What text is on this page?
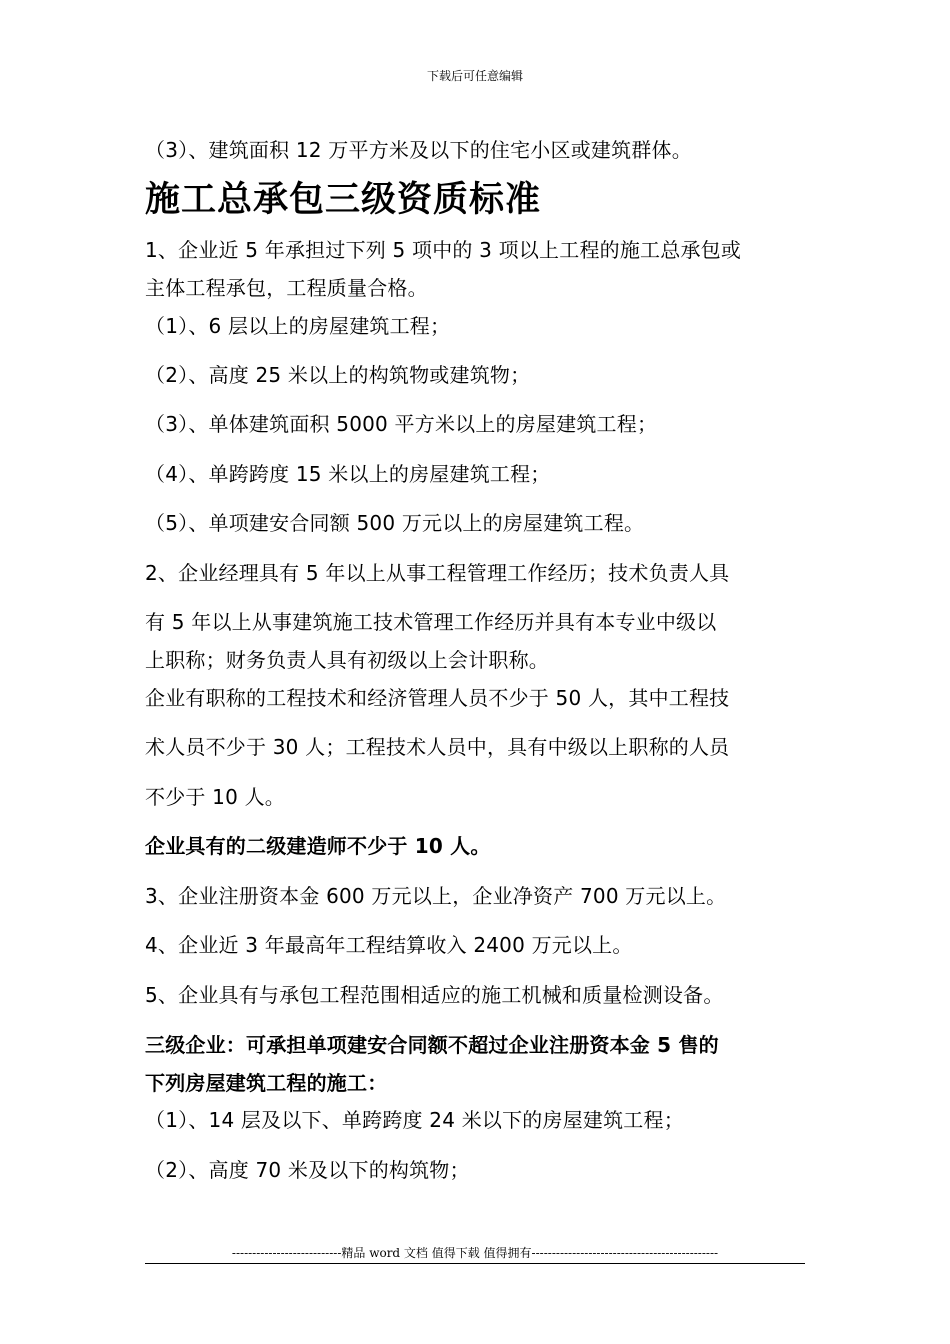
下载后可任意编辑
（3）、建筑面积 12 万平方米及以下的住宅小区或建筑群体。
施工总承包三级资质标准
1、企业近 5 年承担过下列 5 项中的 3 项以上工程的施工总承包或
主体工程承包，工程质量合格。
（1）、6 层以上的房屋建筑工程；
（2）、高度 25 米以上的构筑物或建筑物；
（3）、单体建筑面积 5000 平方米以上的房屋建筑工程；
（4）、单跨跨度 15 米以上的房屋建筑工程；
（5）、单项建安合同额 500 万元以上的房屋建筑工程。
2、企业经理具有 5 年以上从事工程管理工作经历；技术负责人具
有 5 年以上从事建筑施工技术管理工作经历并具有本专业中级以
上职称；财务负责人具有初级以上会计职称。
企业有职称的工程技术和经济管理人员不少于 50 人，其中工程技
术人员不少于 30 人；工程技术人员中，具有中级以上职称的人员
不少于 10 人。
企业具有的二级建造师不少于 10 人。
3、企业注册资本金 600 万元以上，企业净资产 700 万元以上。
4、企业近 3 年最高年工程结算收入 2400 万元以上。
5、企业具有与承包工程范围相适应的施工机械和质量检测设备。
三级企业：可承担单项建安合同额不超过企业注册资本金 5 售的
下列房屋建筑工程的施工：
（1）、14 层及以下、单跨跨度 24 米以下的房屋建筑工程；
（2）、高度 70 米及以下的构筑物；
---------------------------精品 word 文档 值得下载 值得拥有----------------------------------------------
